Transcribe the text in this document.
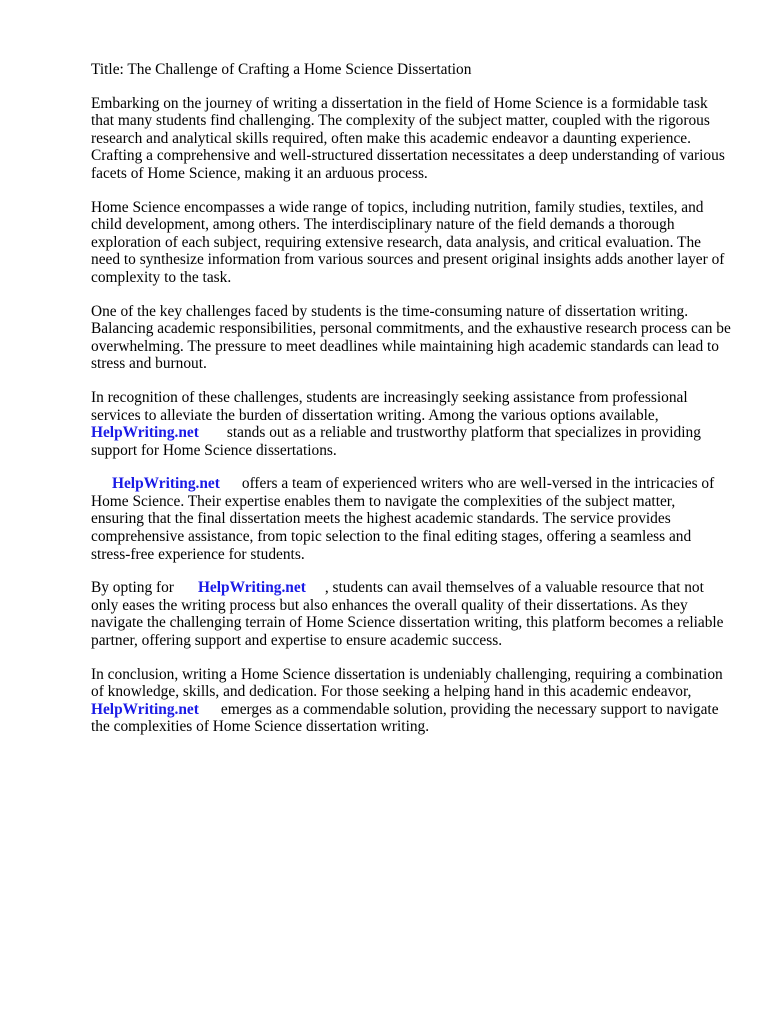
Title: The Challenge of Crafting a Home Science Dissertation

Embarking on the journey of writing a dissertation in the field of Home Science is a formidable task that many students find challenging. The complexity of the subject matter, coupled with the rigorous research and analytical skills required, often make this academic endeavor a daunting experience. Crafting a comprehensive and well-structured dissertation necessitates a deep understanding of various facets of Home Science, making it an arduous process.

Home Science encompasses a wide range of topics, including nutrition, family studies, textiles, and child development, among others. The interdisciplinary nature of the field demands a thorough exploration of each subject, requiring extensive research, data analysis, and critical evaluation. The need to synthesize information from various sources and present original insights adds another layer of complexity to the task.

One of the key challenges faced by students is the time-consuming nature of dissertation writing. Balancing academic responsibilities, personal commitments, and the exhaustive research process can be overwhelming. The pressure to meet deadlines while maintaining high academic standards can lead to stress and burnout.

In recognition of these challenges, students are increasingly seeking assistance from professional services to alleviate the burden of dissertation writing. Among the various options available,
HelpWriting.net stands out as a reliable and trustworthy platform that specializes in providing support for Home Science dissertations.

HelpWriting.net offers a team of experienced writers who are well-versed in the intricacies of Home Science. Their expertise enables them to navigate the complexities of the subject matter, ensuring that the final dissertation meets the highest academic standards. The service provides comprehensive assistance, from topic selection to the final editing stages, offering a seamless and stress-free experience for students.

By opting for HelpWriting.net , students can avail themselves of a valuable resource that not only eases the writing process but also enhances the overall quality of their dissertations. As they navigate the challenging terrain of Home Science dissertation writing, this platform becomes a reliable partner, offering support and expertise to ensure academic success.

In conclusion, writing a Home Science dissertation is undeniably challenging, requiring a combination of knowledge, skills, and dedication. For those seeking a helping hand in this academic endeavor,HelpWriting.net emerges as a commendable solution, providing the necessary support to navigate the complexities of Home Science dissertation writing.
